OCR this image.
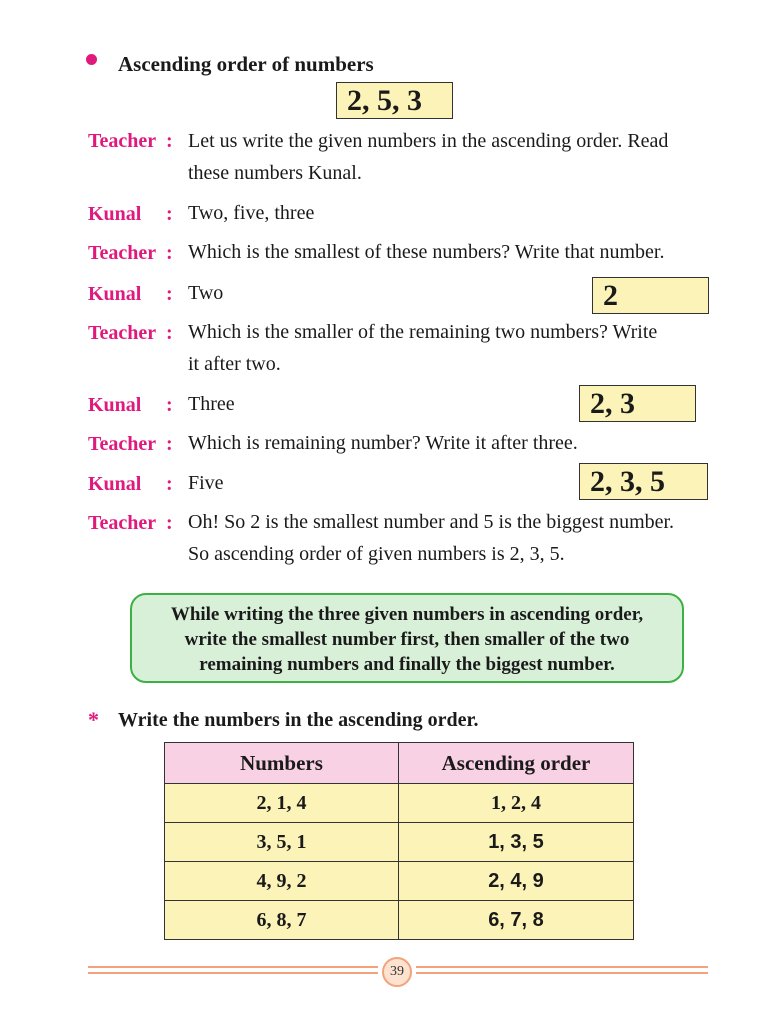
Ascending order of numbers
2, 5, 3
Teacher : Let us write the given numbers in the ascending order. Read
these numbers Kunal.
Kunal : Two, five, three
Teacher : Which is the smallest of these numbers? Write that number.
Kunal : Two	2
Teacher : Which is the smaller of the remaining two numbers? Write
it after two.
Kunal : Three	2, 3
Teacher : Which is remaining number? Write it after three.
Kunal : Five	2, 3, 5
Teacher : Oh! So 2 is the smallest number and 5 is the biggest number.
So ascending order of given numbers is 2, 3, 5.
While writing the three given numbers in ascending order,
write the smallest number first, then smaller of the two
remaining numbers and finally the biggest number.
* Write the numbers in the ascending order.
Numbers	Ascending order
2, 1, 4	1, 2, 4
3, 5, 1	1, 3, 5
4, 9, 2	2, 4, 9
6, 8, 7	6, 7, 8
39
